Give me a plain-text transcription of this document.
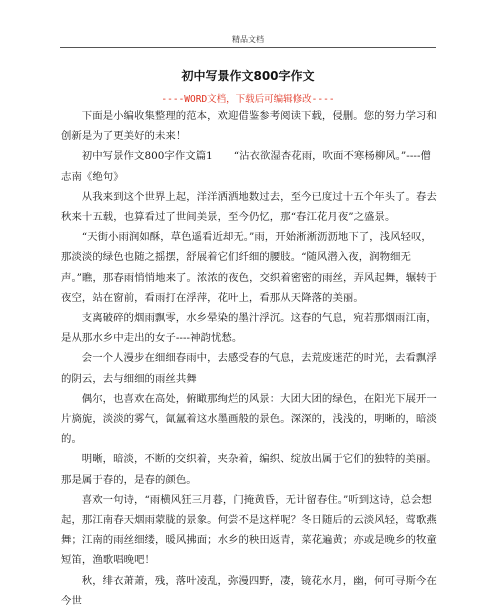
精品文档
初中写景作文800字作文
----WORD文档，下载后可编辑修改----

下面是小编收集整理的范本，欢迎借鉴参考阅读下载，侵删。您的努力学习和创新是为了更美好的未来！

初中写景作文800字作文篇1　　“沾衣欲湿杏花雨，吹面不寒杨柳风。”----僧志南《绝句》

从我来到这个世界上起，洋洋洒洒地数过去，至今已度过十五个年头了。春去秋来十五载，也算看过了世间美景，至今仍忆，那“春江花月夜”之盛景。

“天街小雨润如酥，草色遥看近却无。”雨，开始淅淅沥沥地下了，浅风轻叹，那淡淡的绿色也随之摇摆，舒展着它们纤细的腰肢。“随风潜入夜，润物细无声。”瞧，那春雨悄悄地来了。浓浓的夜色，交织着密密的雨丝，弄风起舞，辗转于夜空，站在窗前，看雨打在浮萍，花叶上，看那从天降落的美丽。

支离破碎的烟雨飘零，水乡晕染的墨汁浮沉。这春的气息，宛若那烟雨江南，是从那水乡中走出的女子----神韵忧愁。

会一个人漫步在细细春雨中，去感受春的气息，去荒废迷茫的时光，去看飘浮的阴云，去与细细的雨丝共舞

偶尔，也喜欢在高处，俯瞰那绚烂的风景：大团大团的绿色，在阳光下展开一片旖旎，淡淡的雾气，氤氲着这水墨画般的景色。深深的，浅浅的，明晰的，暗淡的。

明晰，暗淡，不断的交织着，夹杂着，编织、绽放出属于它们的独特的美丽。那是属于春的，是春的颜色。

喜欢一句诗，“雨横风狂三月暮，门掩黄昏，无计留春住。”听到这诗，总会想起，那江南春天烟雨蒙胧的景象。何尝不是这样呢？冬日随后的云淡风轻，莺歌燕舞；江南的雨丝细缕，暖风拂面；水乡的秧田返青，菜花遍黄；亦或是晚乡的牧童短笛，渔歌唱晚吧！

秋，绯衣萧萧，残，落叶凌乱，弥漫四野，凄，镜花水月，幽，何可寻斯今在今世
